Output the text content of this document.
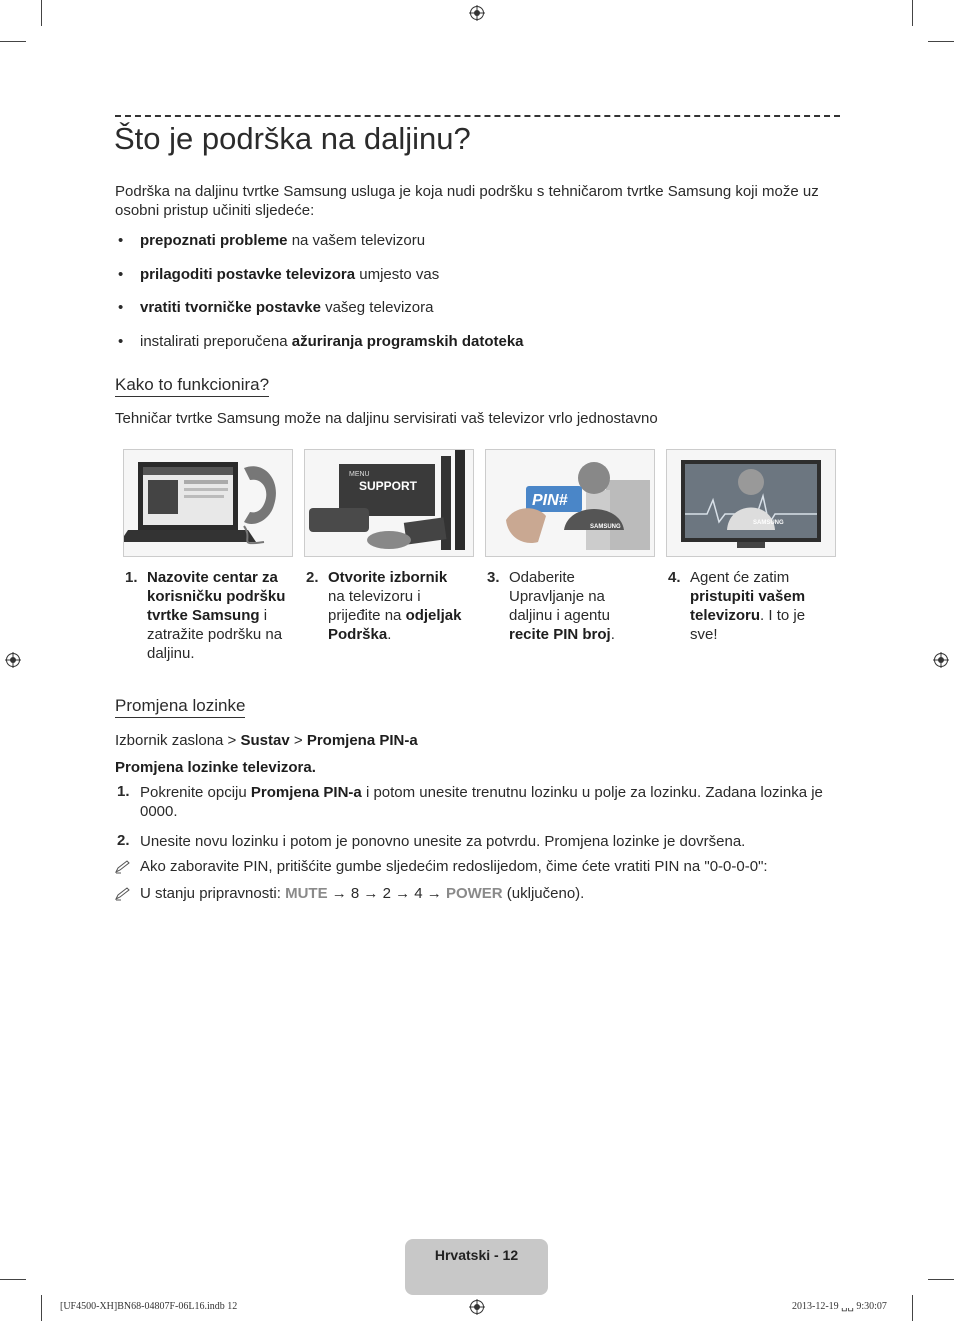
Što je podrška na daljinu?
Podrška na daljinu tvrtke Samsung usluga je koja nudi podršku s tehničarom tvrtke Samsung koji može uz osobni pristup učiniti sljedeće:
• prepoznati probleme na vašem televizoru
• prilagoditi postavke televizora umjesto vas
• vratiti tvorničke postavke vašeg televizora
• instalirati preporučena ažuriranja programskih datoteka
Kako to funkcionira?
Tehničar tvrtke Samsung može na daljinu servisirati vaš televizor vrlo jednostavno
MENU
SUPPORT
PIN#
SAMSUNG
SAMSUNG
1. Nazovite centar za korisničku podršku tvrtke Samsung i zatražite podršku na daljinu.
2. Otvorite izbornik na televizoru i prijeđite na odjeljak Podrška.
3. Odaberite Upravljanje na daljinu i agentu recite PIN broj.
4. Agent će zatim pristupiti vašem televizoru. I to je sve!
Promjena lozinke
Izbornik zaslona > Sustav > Promjena PIN-a
Promjena lozinke televizora.
1. Pokrenite opciju Promjena PIN-a i potom unesite trenutnu lozinku u polje za lozinku. Zadana lozinka je 0000.
2. Unesite novu lozinku i potom je ponovno unesite za potvrdu. Promjena lozinke je dovršena.
Ako zaboravite PIN, pritišćite gumbe sljedećim redoslijedom, čime ćete vratiti PIN na "0-0-0-0":
U stanju pripravnosti: MUTE → 8 → 2 → 4 → POWER (uključeno).
Hrvatski - 12
[UF4500-XH]BN68-04807F-06L16.indb 12	2013-12-19 ␣␣ 9:30:07
